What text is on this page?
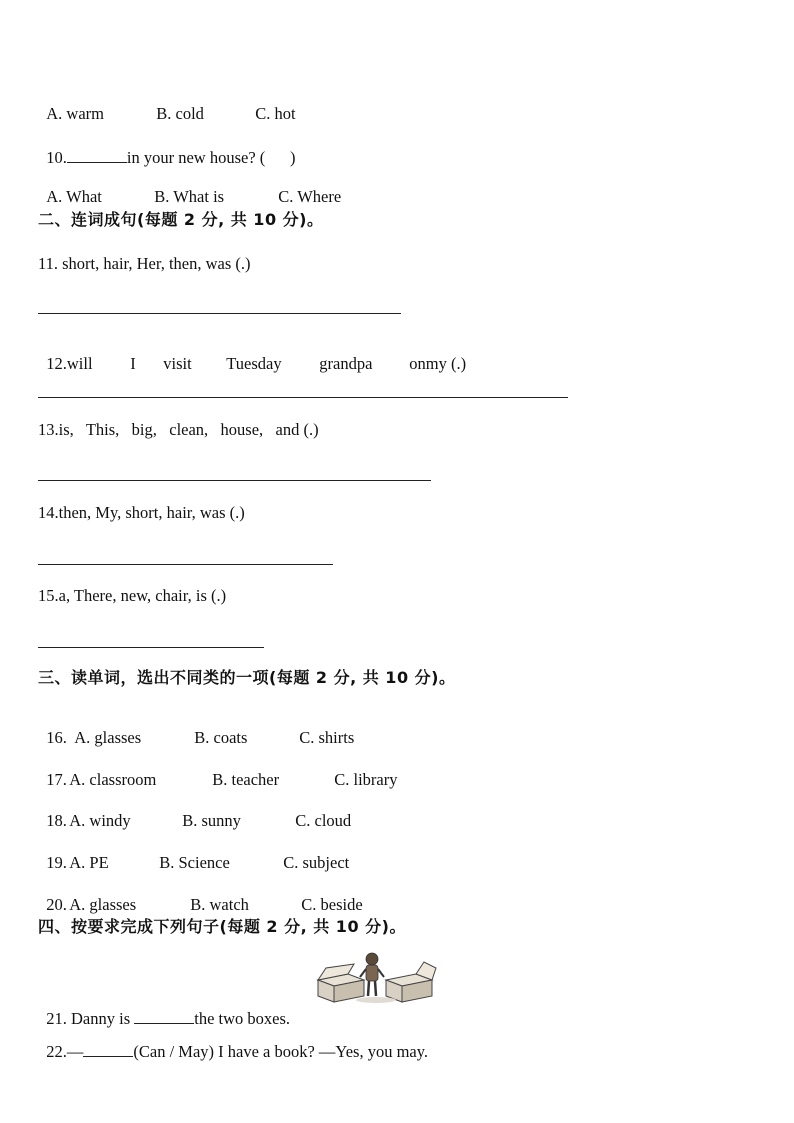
A. warm	B. cold	C. hot

10.	in your new house? (      )

A. What	B. What is	C. Where

二、连词成句(每题 2 分, 共 10 分)。
11. short, hair, Her, then, was (.)

12.will I visit Tuesday grandpa onmy (.)

13.is,   This,   big,   clean,   house,   and (.)
14.then, My, short, hair, was (.)
15.a, There, new, chair, is (.)
三、读单词，选出不同类的一项(每题 2 分, 共 10 分)。

16. A. glasses	B. coats	C. shirts

17. A. classroom	B. teacher	C. library

18. A. windy	B. sunny	C. cloud

19. A. PE	B. Science	C. subject

20. A. glasses	B. watch	C. beside

四、按要求完成下列句子(每题 2 分, 共 10 分)。

21. Danny is	the two boxes.

22.—	(Can / May) I have a book? —Yes, you may.
